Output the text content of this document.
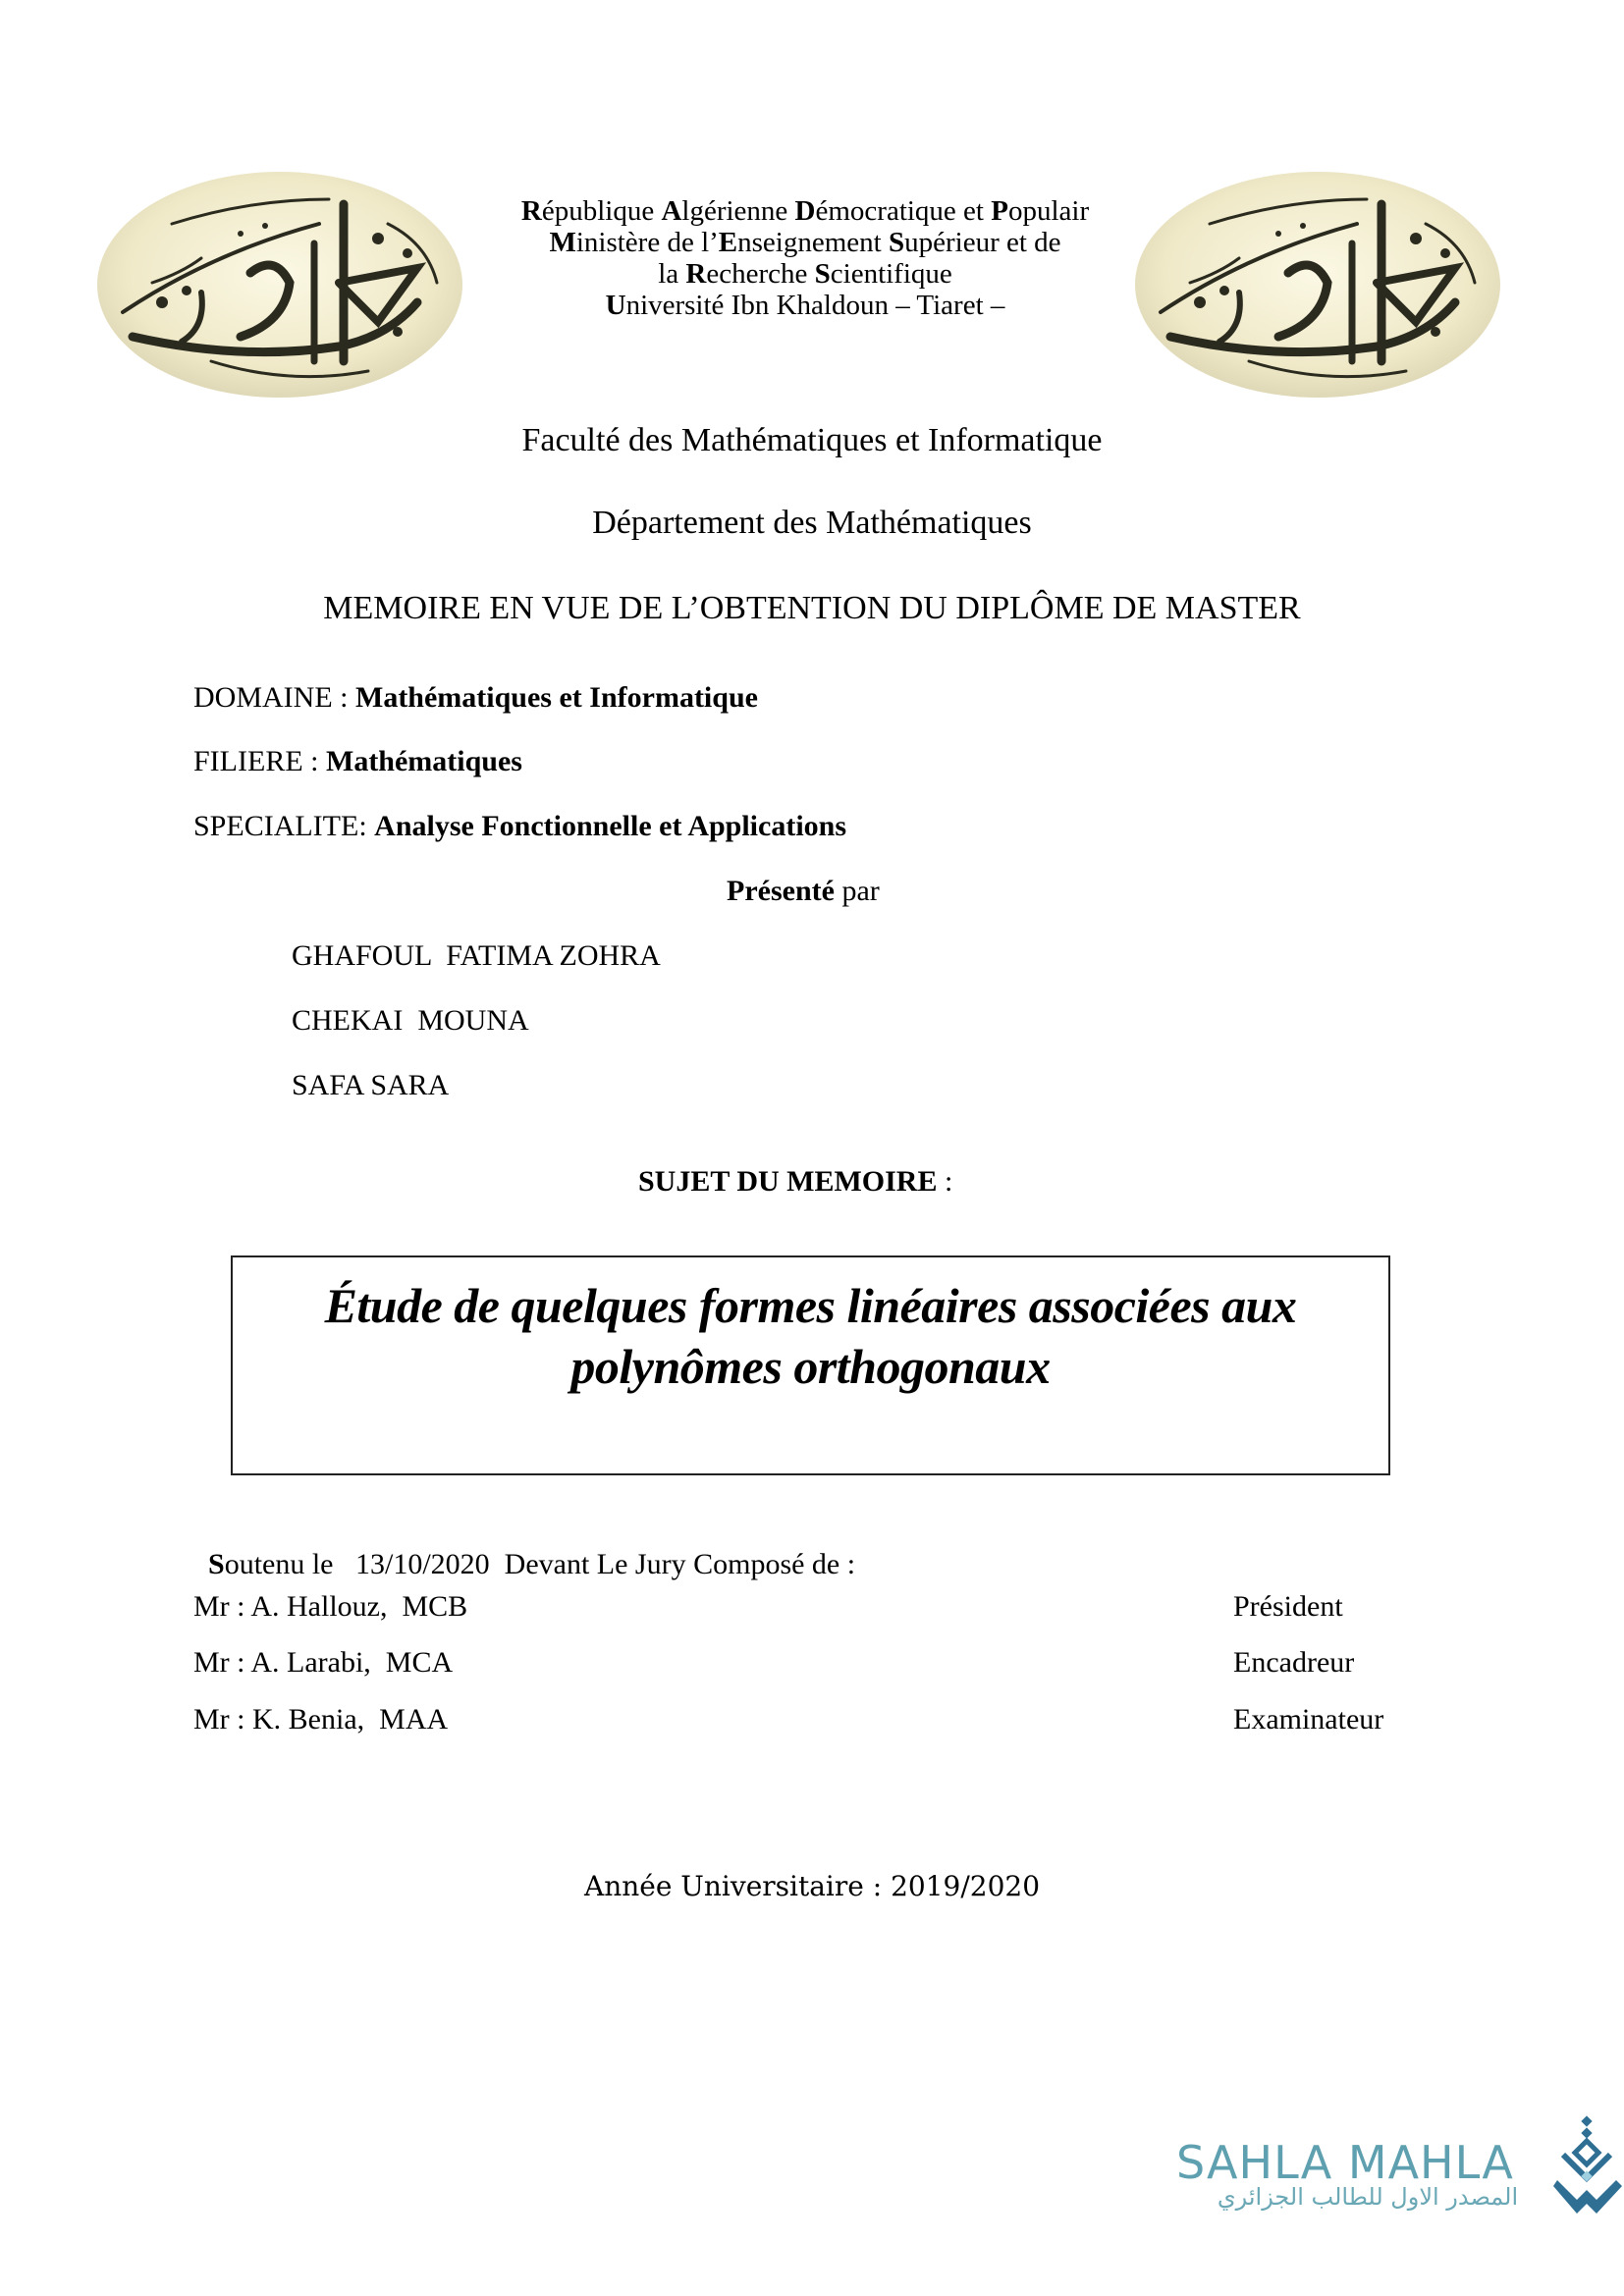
République Algérienne Démocratique et Populair
Ministère de l’Enseignement Supérieur et de
la Recherche Scientifique
Université Ibn Khaldoun – Tiaret –
Faculté des Mathématiques et Informatique
Département des Mathématiques
MEMOIRE EN VUE DE L’OBTENTION DU DIPLÔME DE MASTER
DOMAINE : Mathématiques et Informatique
FILIERE : Mathématiques
SPECIALITE: Analyse Fonctionnelle et Applications
Présenté par
GHAFOUL  FATIMA ZOHRA
CHEKAI  MOUNA
SAFA SARA
SUJET DU MEMOIRE :
Étude de quelques formes linéaires associées aux
polynômes orthogonaux

Soutenu le   13/10/2020  Devant Le Jury Composé de :

Mr : A. Hallouz,  MCB	Président
Mr : A. Larabi,  MCA	Encadreur
Mr : K. Benia,  MAA	Examinateur
Année Universitaire : 2019/2020
SAHLA MAHLA
المصدر الاول للطالب الجزائري
